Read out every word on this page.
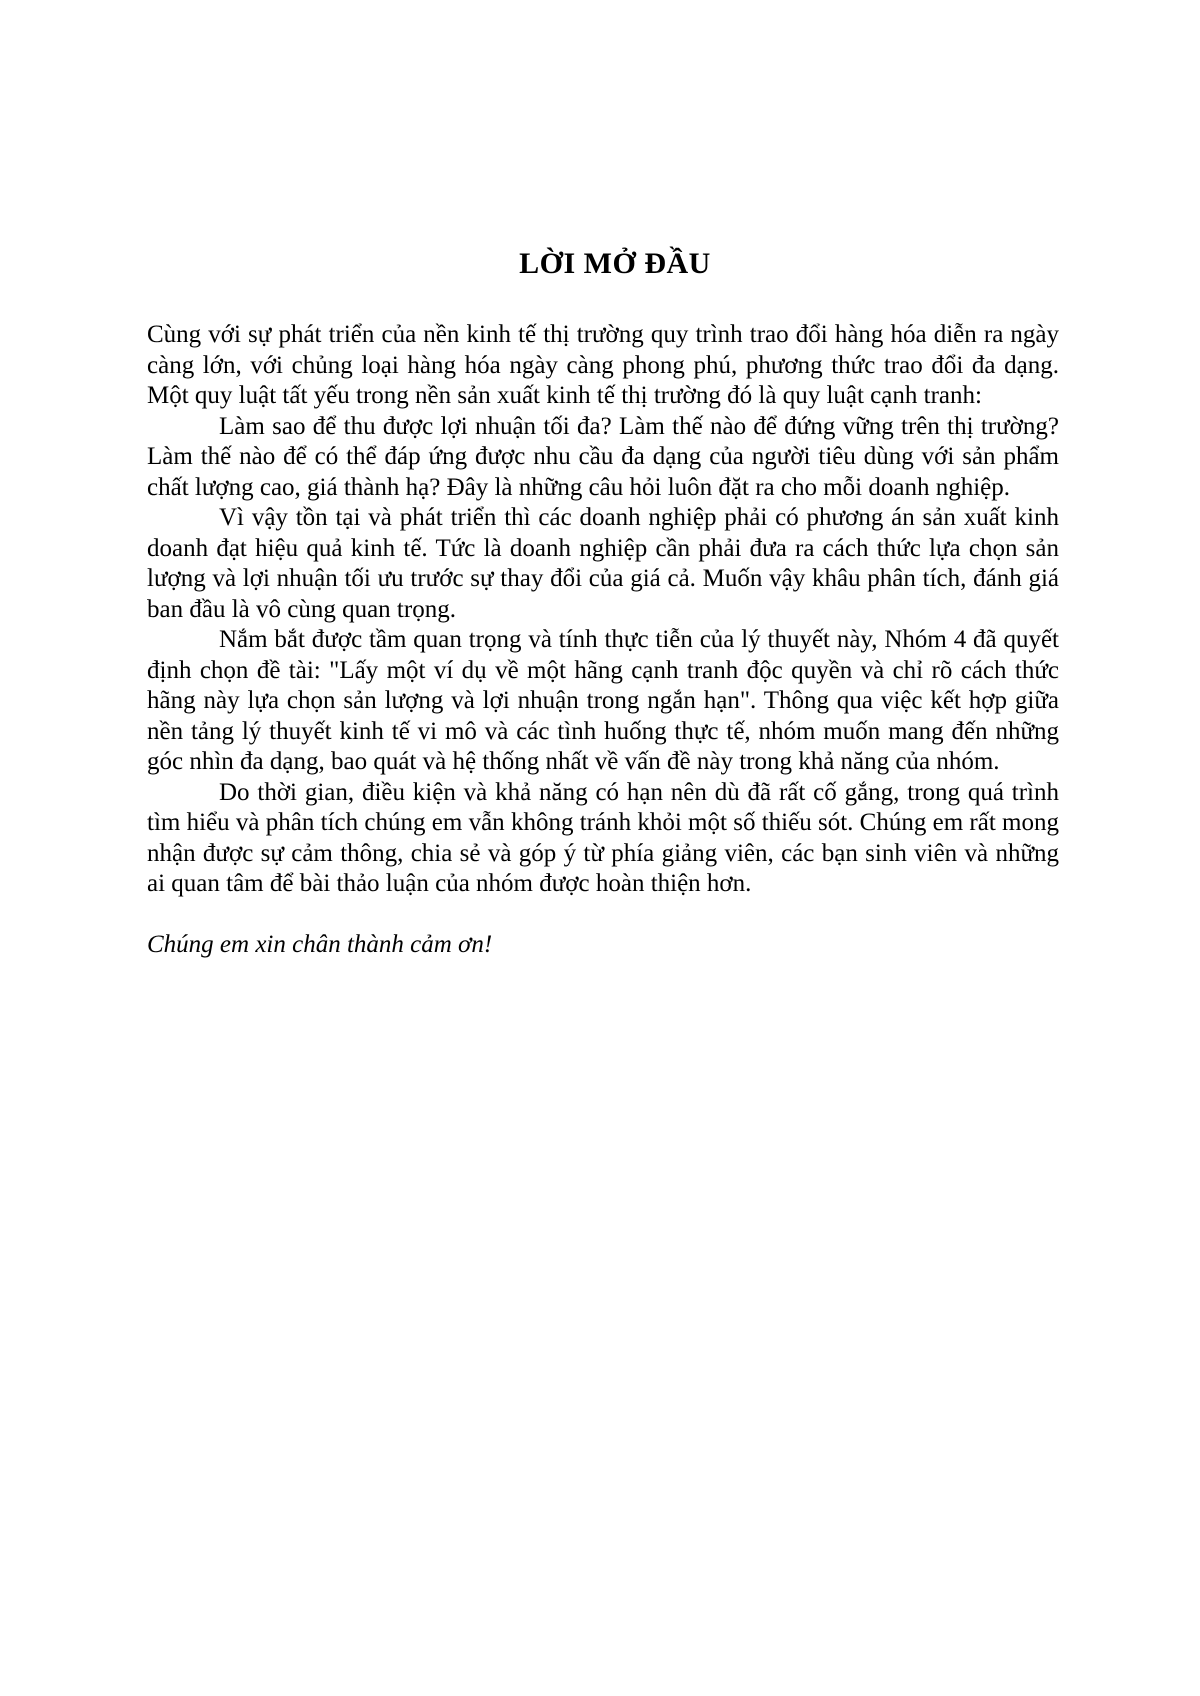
LỜI MỞ ĐẦU

Cùng với sự phát triển của nền kinh tế thị trường quy trình trao đổi hàng hóa diễn ra ngày càng lớn, với chủng loại hàng hóa ngày càng phong phú, phương thức trao đổi đa dạng. Một quy luật tất yếu trong nền sản xuất kinh tế thị trường đó là quy luật cạnh tranh:

Làm sao để thu được lợi nhuận tối đa? Làm thế nào để đứng vững trên thị trường? Làm thế nào để có thể đáp ứng được nhu cầu đa dạng của người tiêu dùng với sản phẩm chất lượng cao, giá thành hạ? Đây là những câu hỏi luôn đặt ra cho mỗi doanh nghiệp.

Vì vậy tồn tại và phát triển thì các doanh nghiệp phải có phương án sản xuất kinh doanh đạt hiệu quả kinh tế. Tức là doanh nghiệp cần phải đưa ra cách thức lựa chọn sản lượng và lợi nhuận tối ưu trước sự thay đổi của giá cả. Muốn vậy khâu phân tích, đánh giá ban đầu là vô cùng quan trọng.

Nắm bắt được tầm quan trọng và tính thực tiễn của lý thuyết này, Nhóm 4 đã quyết định chọn đề tài: "Lấy một ví dụ về một hãng cạnh tranh độc quyền và chỉ rõ cách thức hãng này lựa chọn sản lượng và lợi nhuận trong ngắn hạn". Thông qua việc kết hợp giữa nền tảng lý thuyết kinh tế vi mô và các tình huống thực tế, nhóm muốn mang đến những góc nhìn đa dạng, bao quát và hệ thống nhất về vấn đề này trong khả năng của nhóm.

Do thời gian, điều kiện và khả năng có hạn nên dù đã rất cố gắng, trong quá trình tìm hiểu và phân tích chúng em vẫn không tránh khỏi một số thiếu sót. Chúng em rất mong nhận được sự cảm thông, chia sẻ và góp ý từ phía giảng viên, các bạn sinh viên và những ai quan tâm để bài thảo luận của nhóm được hoàn thiện hơn.

Chúng em xin chân thành cảm ơn!
